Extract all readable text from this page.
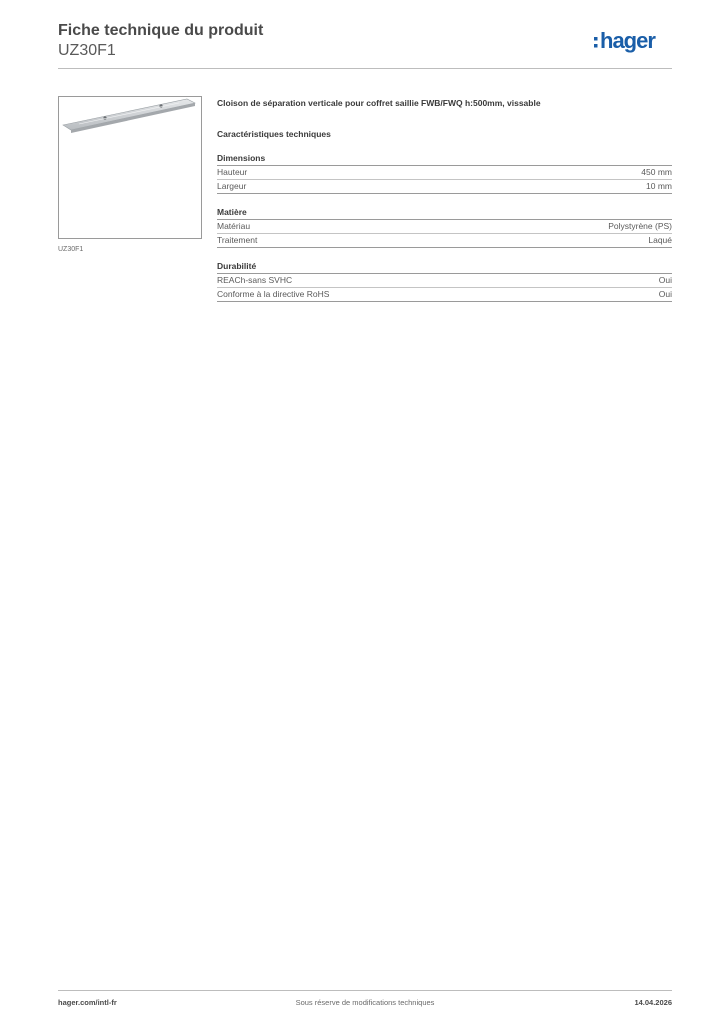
Fiche technique du produit
UZ30F1	hager
UZ30F1
Cloison de séparation verticale pour coffret saillie FWB/FWQ h:500mm, vissable
Caractéristiques techniques
Dimensions
Hauteur	450 mm
Largeur	10 mm
Matière
Matériau	Polystyrène (PS)
Traitement	Laqué
Durabilité
REACh-sans SVHC	Oui
Conforme à la directive RoHS	Oui
hager.com/intl-fr	Sous réserve de modifications techniques	14.04.2026
